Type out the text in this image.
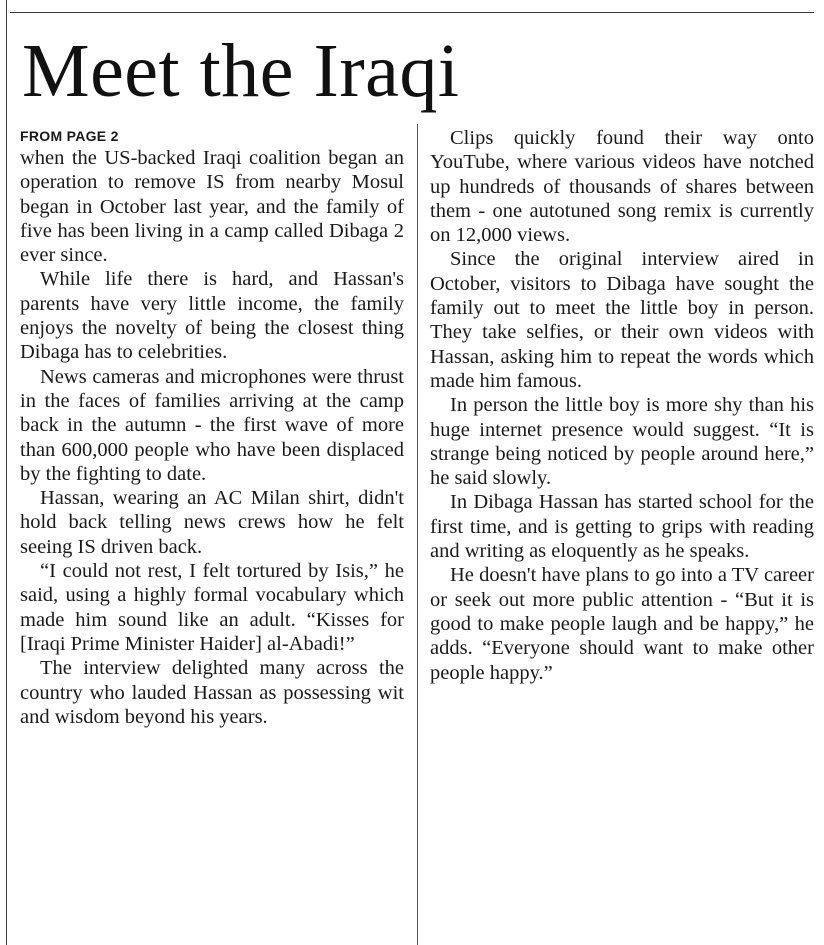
Meet the Iraqi
FROM PAGE 2

when the US-backed Iraqi coalition began an operation to remove IS from nearby Mosul began in October last year, and the family of five has been living in a camp called Dibaga 2 ever since.

While life there is hard, and Hassan's parents have very little income, the family enjoys the novelty of being the closest thing Dibaga has to celebrities.

News cameras and microphones were thrust in the faces of families arriving at the camp back in the autumn - the first wave of more than 600,000 people who have been displaced by the fighting to date.

Hassan, wearing an AC Milan shirt, didn't hold back telling news crews how he felt seeing IS driven back.

“I could not rest, I felt tortured by Isis,” he said, using a highly formal vocabulary which made him sound like an adult. “Kisses for [Iraqi Prime Minister Haider] al-Abadi!”

The interview delighted many across the country who lauded Hassan as possessing wit and wisdom beyond his years.

Clips quickly found their way onto YouTube, where various videos have notched up hundreds of thousands of shares between them - one autotuned song remix is currently on 12,000 views.

Since the original interview aired in October, visitors to Dibaga have sought the family out to meet the little boy in person. They take selfies, or their own videos with Hassan, asking him to repeat the words which made him famous.

In person the little boy is more shy than his huge internet presence would suggest. “It is strange being noticed by people around here,” he said slowly.

In Dibaga Hassan has started school for the first time, and is getting to grips with reading and writing as eloquently as he speaks.

He doesn't have plans to go into a TV career or seek out more public attention - “But it is good to make people laugh and be happy,” he adds. “Everyone should want to make other people happy.”
